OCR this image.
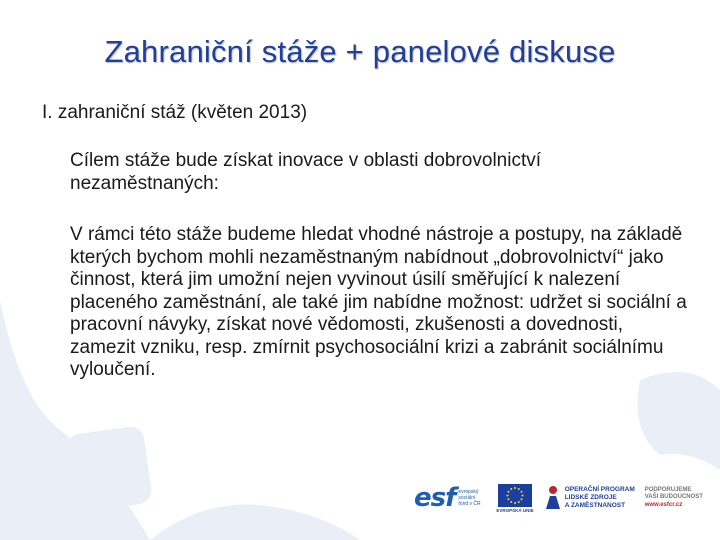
Zahraniční stáže + panelové diskuse
I. zahraniční stáž (květen 2013)

Cílem stáže bude získat inovace v oblasti dobrovolnictví nezaměstnaných:

V rámci této stáže budeme hledat vhodné nástroje a postupy, na základě kterých bychom mohli nezaměstnaným nabídnout „dobrovolnictví“ jako činnost, která jim umožní nejen vyvinout úsilí směřující k nalezení placeného zaměstnání, ale také jim nabídne možnost: udržet si sociální a pracovní návyky, získat nové vědomosti, zkušenosti a dovednosti, zamezit vzniku, resp. zmírnit psychosociální krizi a zabránit sociálnímu vyloučení.

esf evropský
sociální
fond v ČR
EVROPSKÁ UNIE
OPERAČNÍ PROGRAM
LIDSKÉ ZDROJE
A ZAMĚSTNANOST
PODPORUJEME
VAŠI BUDOUCNOST
www.esfcr.cz
